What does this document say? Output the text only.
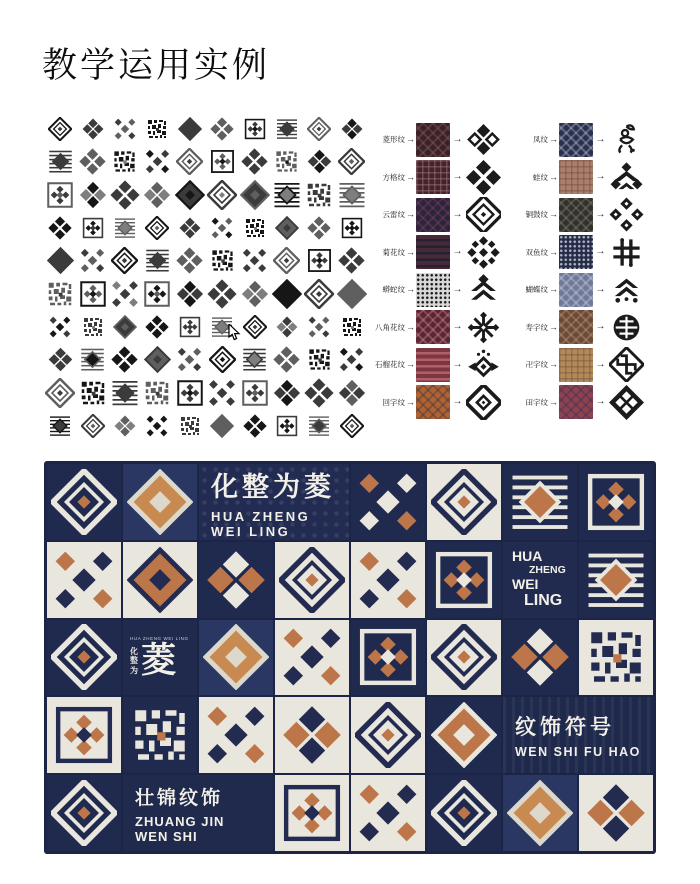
教学运用实例
菱形纹 →	→
方格纹 →	→
云雷纹 →	→
菊花纹 →	→
蟒蛇纹 →	→
八角花纹 →	→
石榴花纹 →	→
回字纹 →	→
凤纹 →	→
蛙纹 →	→
铜鼓纹 →	→
双鱼纹 →	→
蝴蝶纹 →	→
寿字纹 →	→
卍字纹 →	→
田字纹 →	→
化整为菱
HUA ZHENG WEI LING
HUA
ZHENG
WEI
LING
HUA ZHENG WEI LING
化整为 菱
纹饰符号
WEN SHI FU HAO
壮锦纹饰
ZHUANG JIN WEN SHI
